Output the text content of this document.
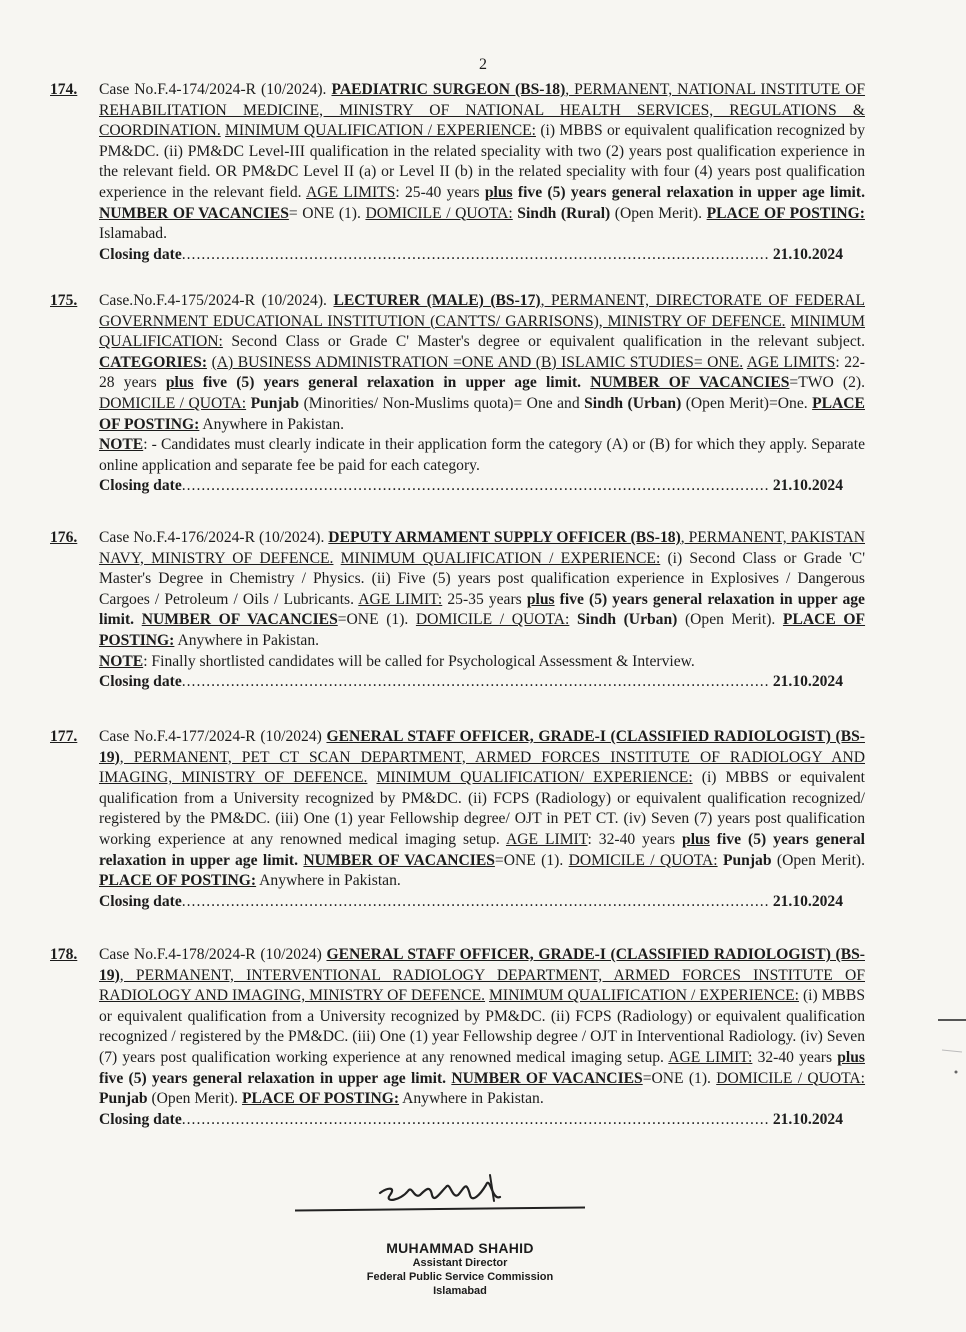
2
174. Case No.F.4-174/2024-R (10/2024). PAEDIATRIC SURGEON (BS-18), PERMANENT, NATIONAL INSTITUTE OF REHABILITATION MEDICINE, MINISTRY OF NATIONAL HEALTH SERVICES, REGULATIONS & COORDINATION. MINIMUM QUALIFICATION / EXPERIENCE: (i) MBBS or equivalent qualification recognized by PM&DC. (ii) PM&DC Level-III qualification in the related speciality with two (2) years post qualification experience in the relevant field. OR PM&DC Level II (a) or Level II (b) in the related speciality with four (4) years post qualification experience in the relevant field. AGE LIMITS: 25-40 years plus five (5) years general relaxation in upper age limit. NUMBER OF VACANCIES= ONE (1). DOMICILE / QUOTA: Sindh (Rural) (Open Merit). PLACE OF POSTING: Islamabad.
Closing date .....	21.10.2024
175. Case.No.F.4-175/2024-R (10/2024). LECTURER (MALE) (BS-17), PERMANENT, DIRECTORATE OF FEDERAL GOVERNMENT EDUCATIONAL INSTITUTION (CANTTS/ GARRISONS), MINISTRY OF DEFENCE. MINIMUM QUALIFICATION: Second Class or Grade C' Master's degree or equivalent qualification in the relevant subject. CATEGORIES: (A) BUSINESS ADMINISTRATION =ONE AND (B) ISLAMIC STUDIES= ONE. AGE LIMITS: 22-28 years plus five (5) years general relaxation in upper age limit. NUMBER OF VACANCIES=TWO (2). DOMICILE / QUOTA: Punjab (Minorities/ Non-Muslims quota)= One and Sindh (Urban) (Open Merit)=One. PLACE OF POSTING: Anywhere in Pakistan.
NOTE: - Candidates must clearly indicate in their application form the category (A) or (B) for which they apply. Separate online application and separate fee be paid for each category.
Closing date .....	21.10.2024
176. Case No.F.4-176/2024-R (10/2024). DEPUTY ARMAMENT SUPPLY OFFICER (BS-18), PERMANENT, PAKISTAN NAVY, MINISTRY OF DEFENCE. MINIMUM QUALIFICATION / EXPERIENCE: (i) Second Class or Grade 'C' Master's Degree in Chemistry / Physics. (ii) Five (5) years post qualification experience in Explosives / Dangerous Cargoes / Petroleum / Oils / Lubricants. AGE LIMIT: 25-35 years plus five (5) years general relaxation in upper age limit. NUMBER OF VACANCIES=ONE (1). DOMICILE / QUOTA: Sindh (Urban) (Open Merit). PLACE OF POSTING: Anywhere in Pakistan.
NOTE: Finally shortlisted candidates will be called for Psychological Assessment & Interview.
Closing date .....	21.10.2024
177. Case No.F.4-177/2024-R (10/2024) GENERAL STAFF OFFICER, GRADE-I (CLASSIFIED RADIOLOGIST) (BS-19), PERMANENT, PET CT SCAN DEPARTMENT, ARMED FORCES INSTITUTE OF RADIOLOGY AND IMAGING, MINISTRY OF DEFENCE. MINIMUM QUALIFICATION/ EXPERIENCE: (i) MBBS or equivalent qualification from a University recognized by PM&DC. (ii) FCPS (Radiology) or equivalent qualification recognized/ registered by the PM&DC. (iii) One (1) year Fellowship degree/ OJT in PET CT. (iv) Seven (7) years post qualification working experience at any renowned medical imaging setup. AGE LIMIT: 32-40 years plus five (5) years general relaxation in upper age limit. NUMBER OF VACANCIES=ONE (1). DOMICILE / QUOTA: Punjab (Open Merit). PLACE OF POSTING: Anywhere in Pakistan.
Closing date .....	21.10.2024
178. Case No.F.4-178/2024-R (10/2024) GENERAL STAFF OFFICER, GRADE-I (CLASSIFIED RADIOLOGIST) (BS-19), PERMANENT, INTERVENTIONAL RADIOLOGY DEPARTMENT, ARMED FORCES INSTITUTE OF RADIOLOGY AND IMAGING, MINISTRY OF DEFENCE. MINIMUM QUALIFICATION / EXPERIENCE: (i) MBBS or equivalent qualification from a University recognized by PM&DC. (ii) FCPS (Radiology) or equivalent qualification recognized / registered by the PM&DC. (iii) One (1) year Fellowship degree / OJT in Interventional Radiology. (iv) Seven (7) years post qualification working experience at any renowned medical imaging setup. AGE LIMIT: 32-40 years plus five (5) years general relaxation in upper age limit. NUMBER OF VACANCIES=ONE (1). DOMICILE / QUOTA: Punjab (Open Merit). PLACE OF POSTING: Anywhere in Pakistan.
Closing date .....	21.10.2024
MUHAMMAD SHAHID
Assistant Director
Federal Public Service Commission
Islamabad
